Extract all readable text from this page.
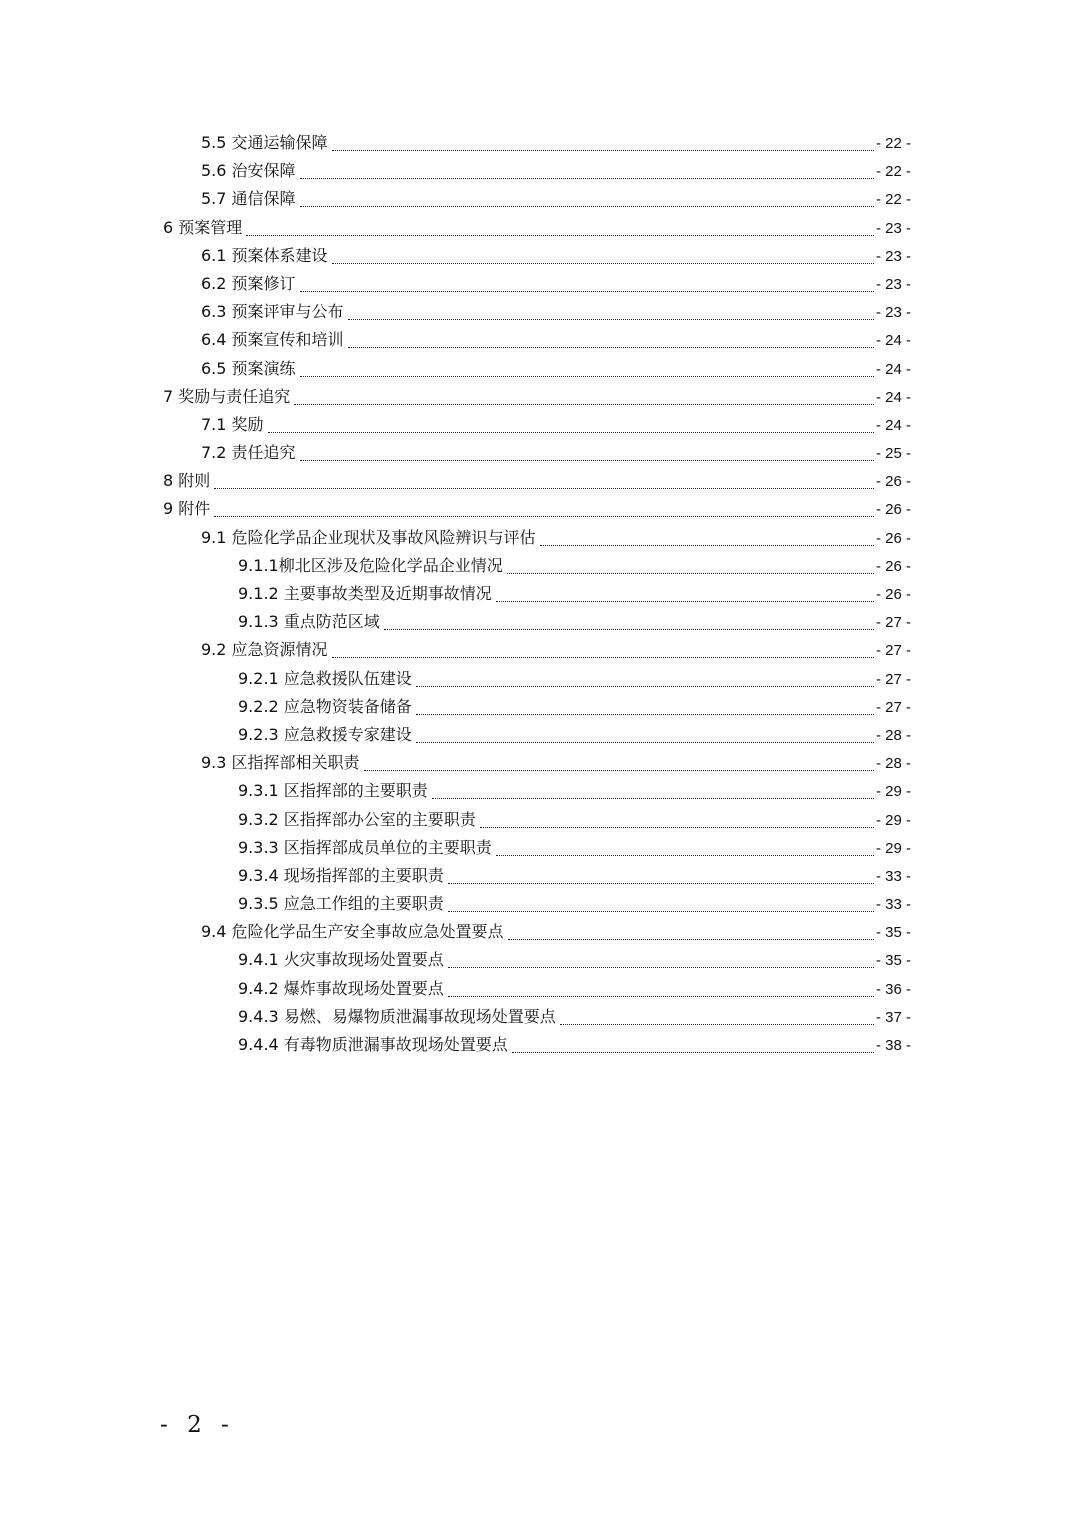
5.5 交通运输保障	- 22 -
5.6 治安保障	- 22 -
5.7 通信保障	- 22 -
6 预案管理	- 23 -
6.1 预案体系建设	- 23 -
6.2 预案修订	- 23 -
6.3 预案评审与公布	- 23 -
6.4 预案宣传和培训	- 24 -
6.5 预案演练	- 24 -
7 奖励与责任追究	- 24 -
7.1 奖励	- 24 -
7.2 责任追究	- 25 -
8 附则	- 26 -
9 附件	- 26 -
9.1 危险化学品企业现状及事故风险辨识与评估	- 26 -
9.1.1柳北区涉及危险化学品企业情况	- 26 -
9.1.2 主要事故类型及近期事故情况	- 26 -
9.1.3 重点防范区域	- 27 -
9.2 应急资源情况	- 27 -
9.2.1 应急救援队伍建设	- 27 -
9.2.2 应急物资装备储备	- 27 -
9.2.3 应急救援专家建设	- 28 -
9.3 区指挥部相关职责	- 28 -
9.3.1 区指挥部的主要职责	- 29 -
9.3.2 区指挥部办公室的主要职责	- 29 -
9.3.3 区指挥部成员单位的主要职责	- 29 -
9.3.4 现场指挥部的主要职责	- 33 -
9.3.5 应急工作组的主要职责	- 33 -
9.4 危险化学品生产安全事故应急处置要点	- 35 -
9.4.1 火灾事故现场处置要点	- 35 -
9.4.2 爆炸事故现场处置要点	- 36 -
9.4.3 易燃、易爆物质泄漏事故现场处置要点	- 37 -
9.4.4 有毒物质泄漏事故现场处置要点	- 38 -
- 2 -
